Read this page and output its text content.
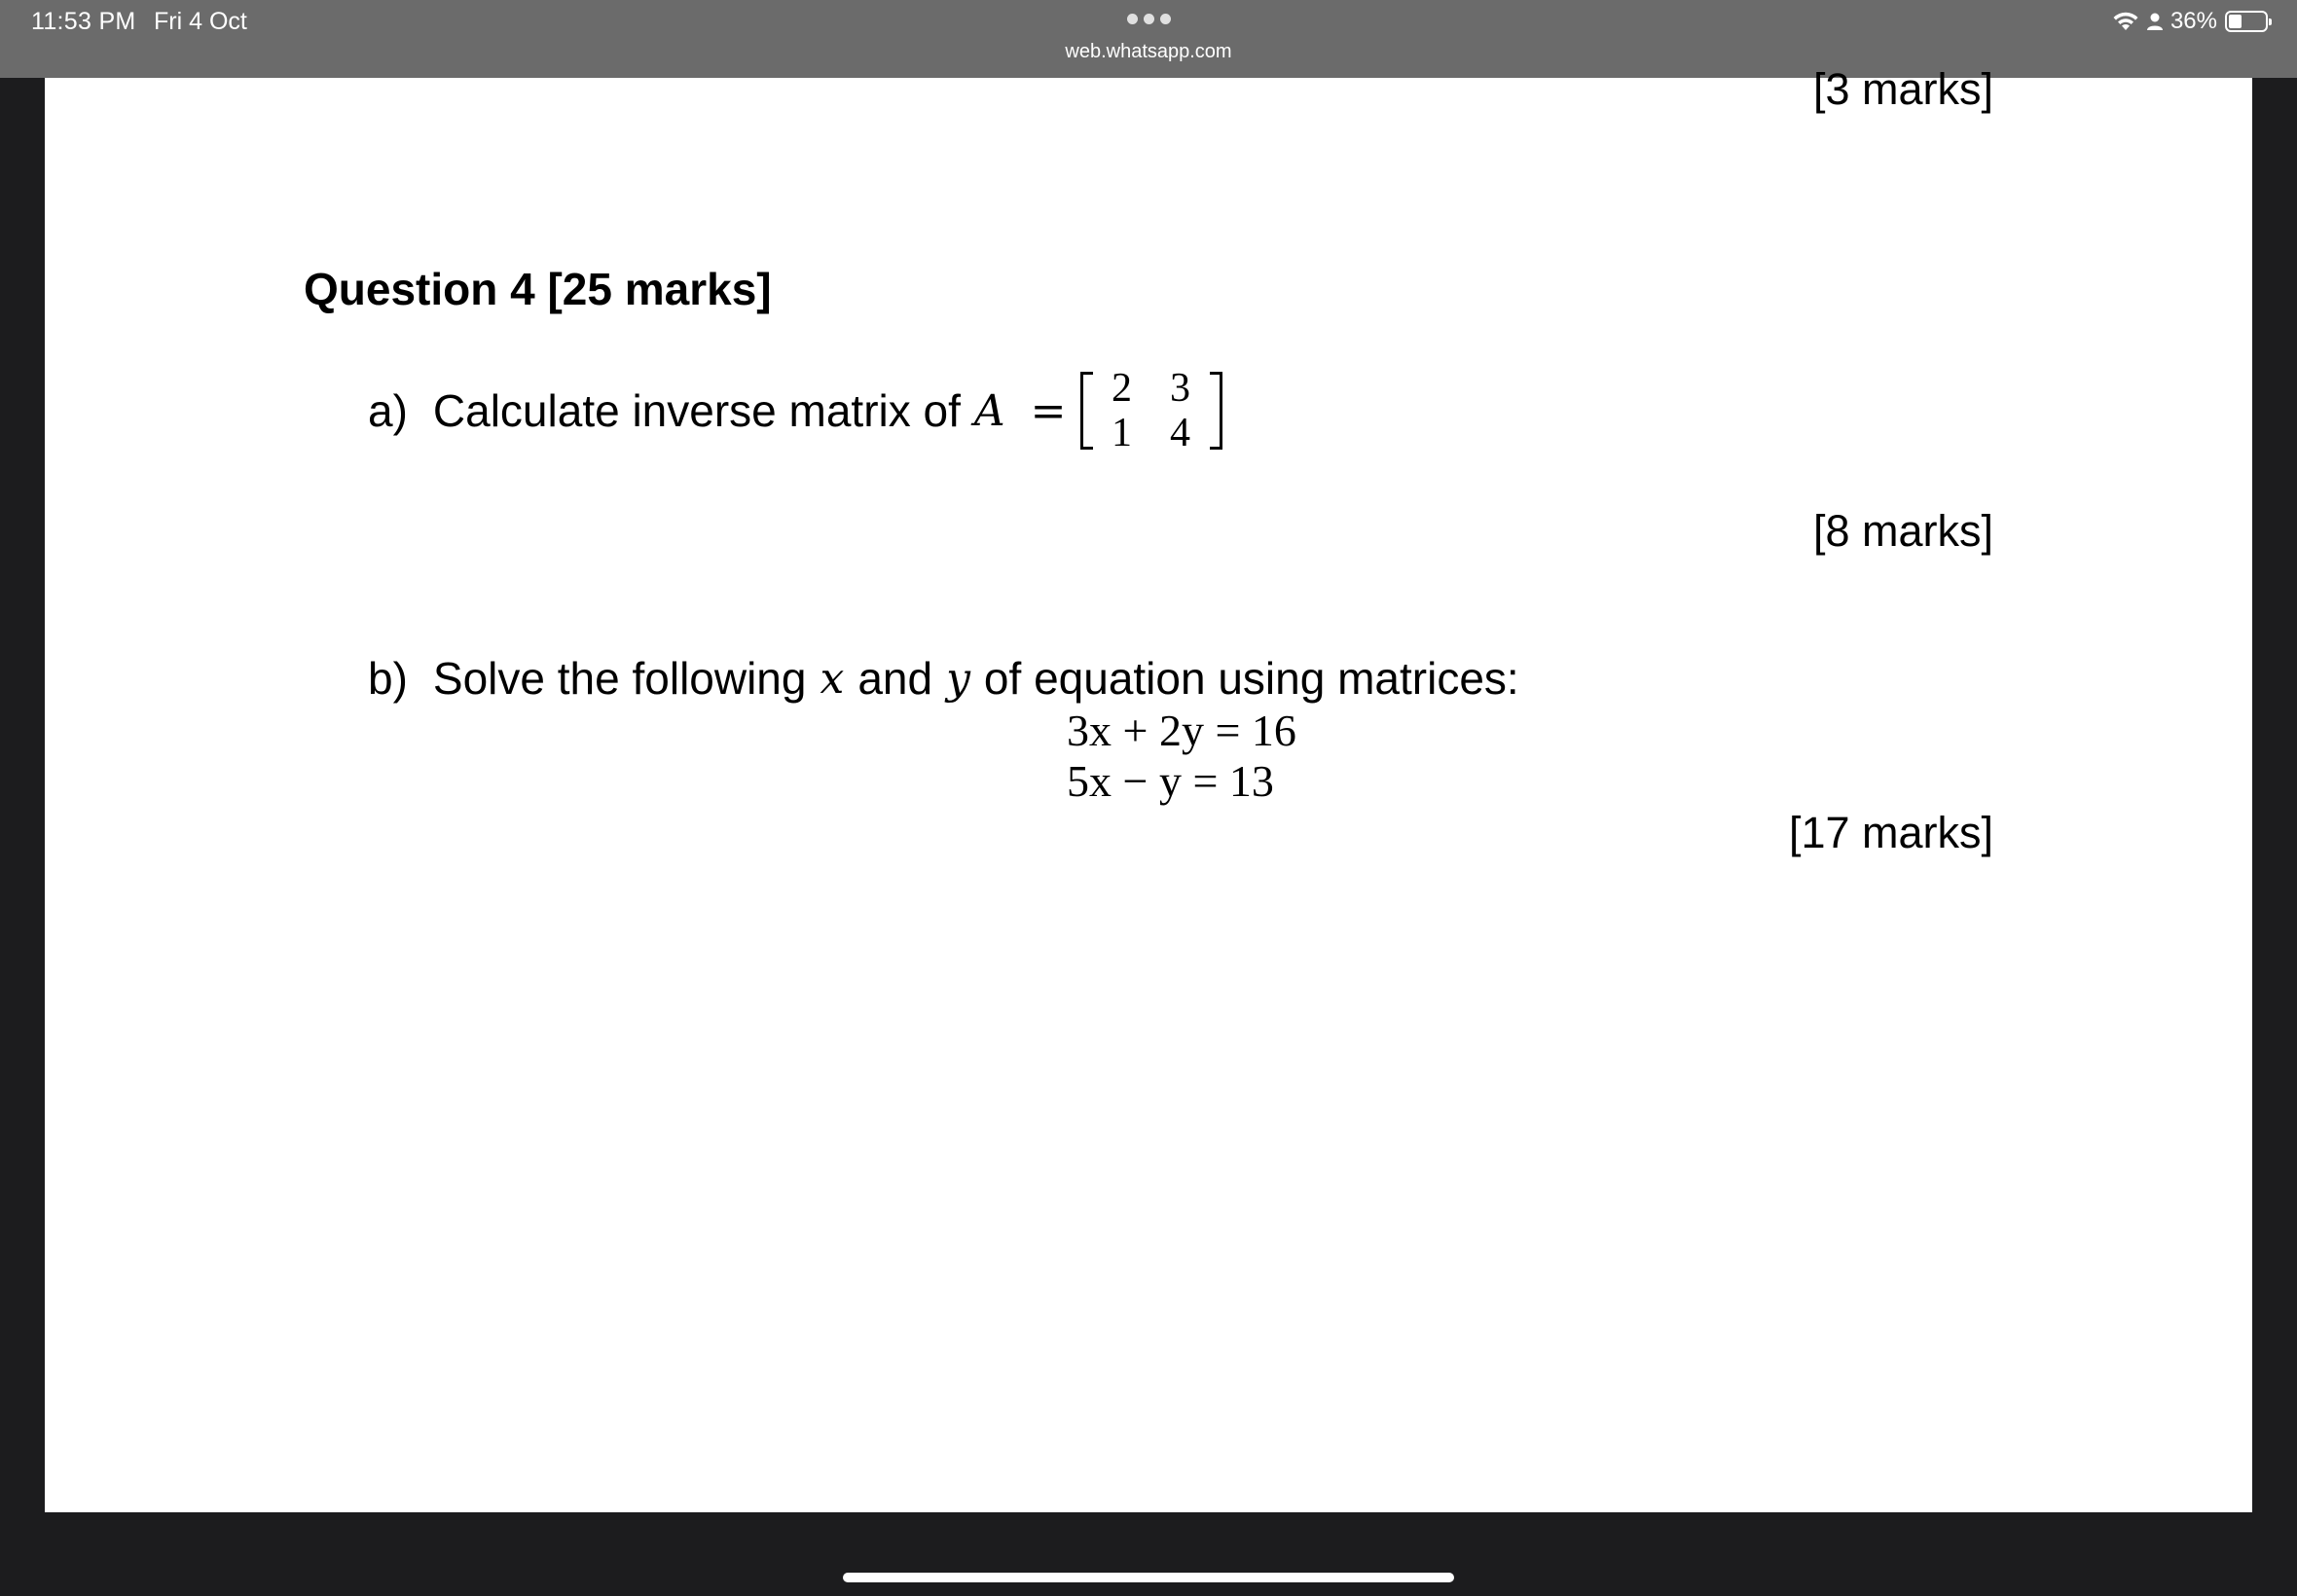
11:53 PM Fri 4 Oct
web.whatsapp.com
36%
[3 marks]
Question 4 [25 marks]
a) Calculate inverse matrix of A =	2 3
1 4
[8 marks]
b) Solve the following x and y of equation using matrices:
3x + 2y = 16
5x − y = 13
[17 marks]
